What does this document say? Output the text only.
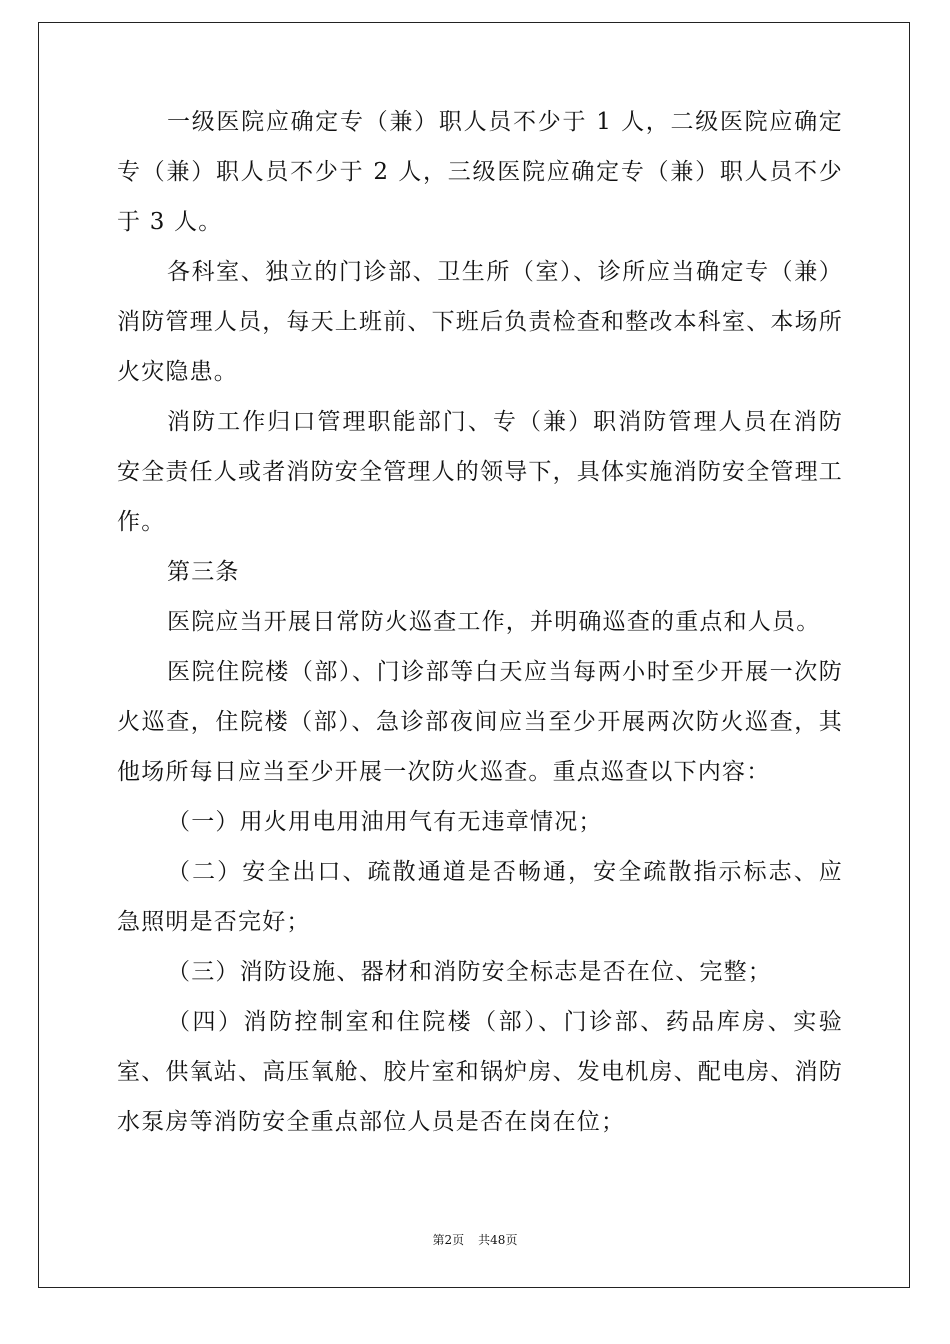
一级医院应确定专（兼）职人员不少于 1 人，二级医院应确定专（兼）职人员不少于 2 人，三级医院应确定专（兼）职人员不少于 3 人。

各科室、独立的门诊部、卫生所（室）、诊所应当确定专（兼）消防管理人员，每天上班前、下班后负责检查和整改本科室、本场所火灾隐患。

消防工作归口管理职能部门、专（兼）职消防管理人员在消防安全责任人或者消防安全管理人的领导下，具体实施消防安全管理工作。

第三条

医院应当开展日常防火巡查工作，并明确巡查的重点和人员。

医院住院楼（部）、门诊部等白天应当每两小时至少开展一次防火巡查，住院楼（部）、急诊部夜间应当至少开展两次防火巡查，其他场所每日应当至少开展一次防火巡查。重点巡查以下内容：

（一）用火用电用油用气有无违章情况；

（二）安全出口、疏散通道是否畅通，安全疏散指示标志、应急照明是否完好；

（三）消防设施、器材和消防安全标志是否在位、完整；

（四）消防控制室和住院楼（部）、门诊部、药品库房、实验室、供氧站、高压氧舱、胶片室和锅炉房、发电机房、配电房、消防水泵房等消防安全重点部位人员是否在岗在位；

第2页 共48页
